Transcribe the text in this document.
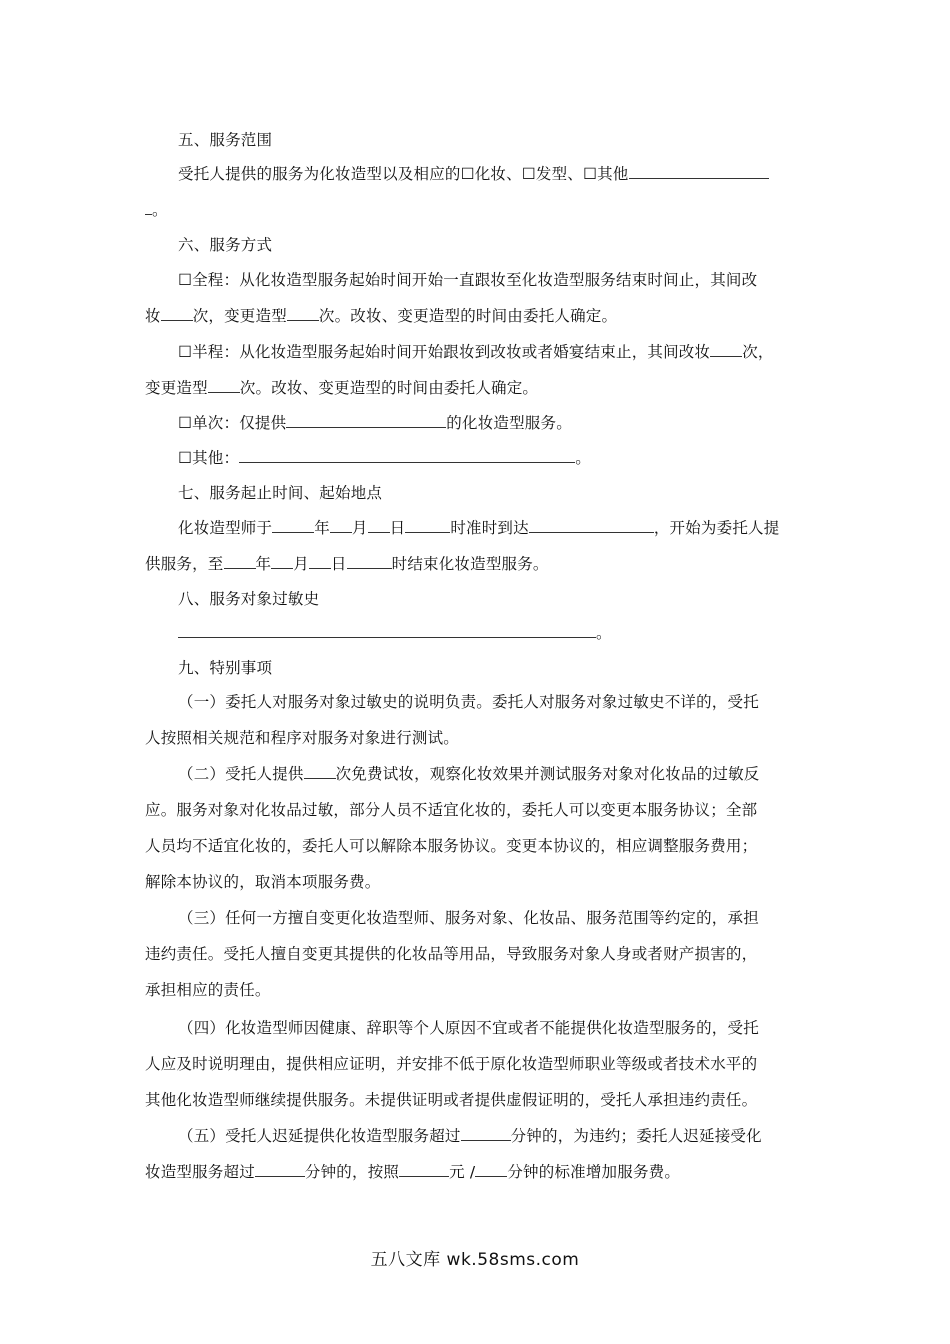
五、服务范围
受托人提供的服务为化妆造型以及相应的☐化妆、☐发型、☐其他
。
六、服务方式
☐全程：从化妆造型服务起始时间开始一直跟妆至化妆造型服务结束时间止，其间改
妆 次，变更造型 次。改妆、变更造型的时间由委托人确定。
☐半程：从化妆造型服务起始时间开始跟妆到改妆或者婚宴结束止，其间改妆 次，
变更造型 次。改妆、变更造型的时间由委托人确定。
☐单次：仅提供	的化妆造型服务。
☐其他：	。
七、服务起止时间、起始地点
化妆造型师于	年 月 日	时准时到达	，开始为委托人提
供服务，至 年 月 日	时结束化妆造型服务。
八、服务对象过敏史
。
九、特别事项
（一）委托人对服务对象过敏史的说明负责。委托人对服务对象过敏史不详的，受托
人按照相关规范和程序对服务对象进行测试。
（二）受托人提供 次免费试妆，观察化妆效果并测试服务对象对化妆品的过敏反
应。服务对象对化妆品过敏，部分人员不适宜化妆的，委托人可以变更本服务协议；全部
人员均不适宜化妆的，委托人可以解除本服务协议。变更本协议的，相应调整服务费用；
解除本协议的，取消本项服务费。
（三）任何一方擅自变更化妆造型师、服务对象、化妆品、服务范围等约定的，承担
违约责任。受托人擅自变更其提供的化妆品等用品，导致服务对象人身或者财产损害的，
承担相应的责任。
（四）化妆造型师因健康、辞职等个人原因不宜或者不能提供化妆造型服务的，受托
人应及时说明理由，提供相应证明，并安排不低于原化妆造型师职业等级或者技术水平的
其他化妆造型师继续提供服务。未提供证明或者提供虚假证明的，受托人承担违约责任。
（五）受托人迟延提供化妆造型服务超过	分钟的，为违约；委托人迟延接受化
妆造型服务超过	分钟的，按照	元 / 分钟的标准增加服务费。
五八文库 wk.58sms.com
